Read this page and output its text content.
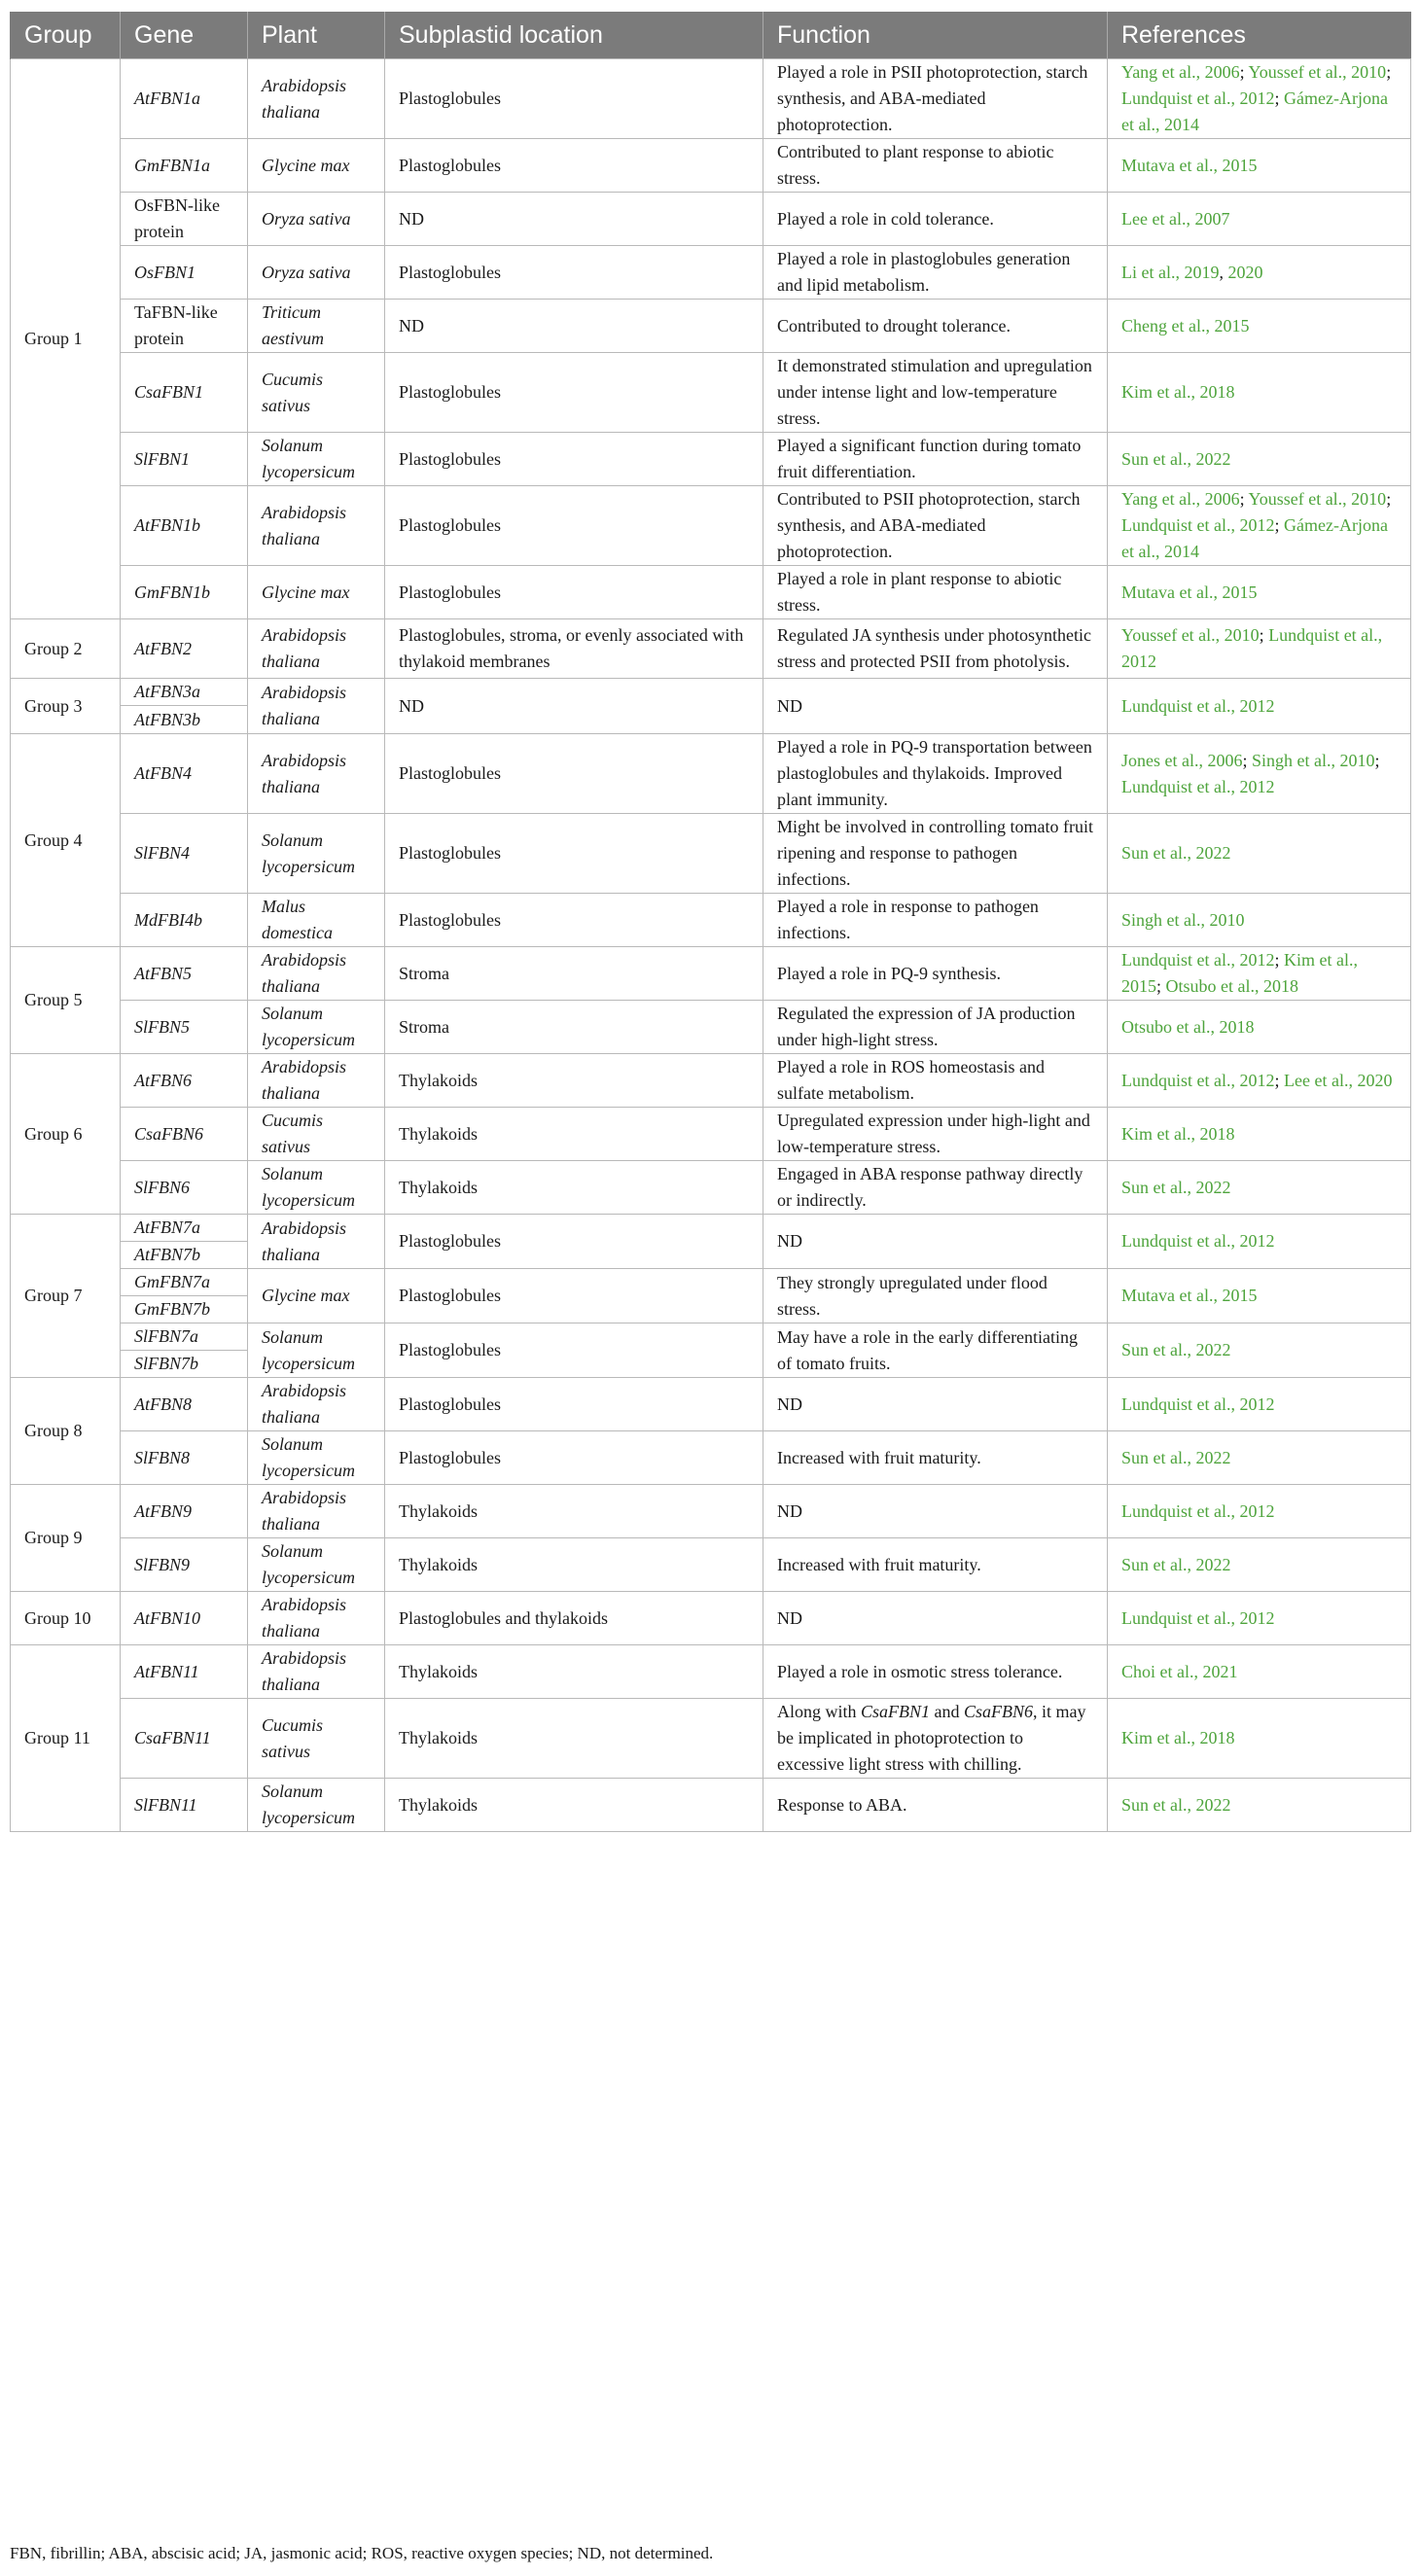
Group	Gene	Plant	Subplastid location	Function	References
Group 1	AtFBN1a	Arabidopsis thaliana	Plastoglobules	Played a role in PSII photoprotection, starch synthesis, and ABA-mediated photoprotection.	Yang et al., 2006; Youssef et al., 2010; Lundquist et al., 2012; Gámez-Arjona et al., 2014
	GmFBN1a	Glycine max	Plastoglobules	Contributed to plant response to abiotic stress.	Mutava et al., 2015
	OsFBN-like protein	Oryza sativa	ND	Played a role in cold tolerance.	Lee et al., 2007
	OsFBN1	Oryza sativa	Plastoglobules	Played a role in plastoglobules generation and lipid metabolism.	Li et al., 2019, 2020
	TaFBN-like protein	Triticum aestivum	ND	Contributed to drought tolerance.	Cheng et al., 2015
	CsaFBN1	Cucumis sativus	Plastoglobules	It demonstrated stimulation and upregulation under intense light and low-temperature stress.	Kim et al., 2018
	SlFBN1	Solanum lycopersicum	Plastoglobules	Played a significant function during tomato fruit differentiation.	Sun et al., 2022
	AtFBN1b	Arabidopsis thaliana	Plastoglobules	Contributed to PSII photoprotection, starch synthesis, and ABA-mediated photoprotection.	Yang et al., 2006; Youssef et al., 2010; Lundquist et al., 2012; Gámez-Arjona et al., 2014
	GmFBN1b	Glycine max	Plastoglobules	Played a role in plant response to abiotic stress.	Mutava et al., 2015
Group 2	AtFBN2	Arabidopsis thaliana	Plastoglobules, stroma, or evenly associated with thylakoid membranes	Regulated JA synthesis under photosynthetic stress and protected PSII from photolysis.	Youssef et al., 2010; Lundquist et al., 2012
Group 3	AtFBN3a	Arabidopsis thaliana	ND	ND	Lundquist et al., 2012
	AtFBN3b				
Group 4	AtFBN4	Arabidopsis thaliana	Plastoglobules	Played a role in PQ-9 transportation between plastoglobules and thylakoids. Improved plant immunity.	Jones et al., 2006; Singh et al., 2010; Lundquist et al., 2012
	SlFBN4	Solanum lycopersicum	Plastoglobules	Might be involved in controlling tomato fruit ripening and response to pathogen infections.	Sun et al., 2022
	MdFBI4b	Malus domestica	Plastoglobules	Played a role in response to pathogen infections.	Singh et al., 2010
Group 5	AtFBN5	Arabidopsis thaliana	Stroma	Played a role in PQ-9 synthesis.	Lundquist et al., 2012; Kim et al., 2015; Otsubo et al., 2018
	SlFBN5	Solanum lycopersicum	Stroma	Regulated the expression of JA production under high-light stress.	Otsubo et al., 2018
Group 6	AtFBN6	Arabidopsis thaliana	Thylakoids	Played a role in ROS homeostasis and sulfate metabolism.	Lundquist et al., 2012; Lee et al., 2020
	CsaFBN6	Cucumis sativus	Thylakoids	Upregulated expression under high-light and low-temperature stress.	Kim et al., 2018
	SlFBN6	Solanum lycopersicum	Thylakoids	Engaged in ABA response pathway directly or indirectly.	Sun et al., 2022
Group 7	AtFBN7a	Arabidopsis thaliana	Plastoglobules	ND	Lundquist et al., 2012
	AtFBN7b				
	GmFBN7a	Glycine max	Plastoglobules	They strongly upregulated under flood stress.	Mutava et al., 2015
	GmFBN7b				
	SlFBN7a	Solanum lycopersicum	Plastoglobules	May have a role in the early differentiating of tomato fruits.	Sun et al., 2022
	SlFBN7b				
Group 8	AtFBN8	Arabidopsis thaliana	Plastoglobules	ND	Lundquist et al., 2012
	SlFBN8	Solanum lycopersicum	Plastoglobules	Increased with fruit maturity.	Sun et al., 2022
Group 9	AtFBN9	Arabidopsis thaliana	Thylakoids	ND	Lundquist et al., 2012
	SlFBN9	Solanum lycopersicum	Thylakoids	Increased with fruit maturity.	Sun et al., 2022
Group 10	AtFBN10	Arabidopsis thaliana	Plastoglobules and thylakoids	ND	Lundquist et al., 2012
Group 11	AtFBN11	Arabidopsis thaliana	Thylakoids	Played a role in osmotic stress tolerance.	Choi et al., 2021
	CsaFBN11	Cucumis sativus	Thylakoids	Along with CsaFBN1 and CsaFBN6, it may be implicated in photoprotection to excessive light stress with chilling.	Kim et al., 2018
	SlFBN11	Solanum lycopersicum	Thylakoids	Response to ABA.	Sun et al., 2022
FBN, fibrillin; ABA, abscisic acid; JA, jasmonic acid; ROS, reactive oxygen species; ND, not determined.
